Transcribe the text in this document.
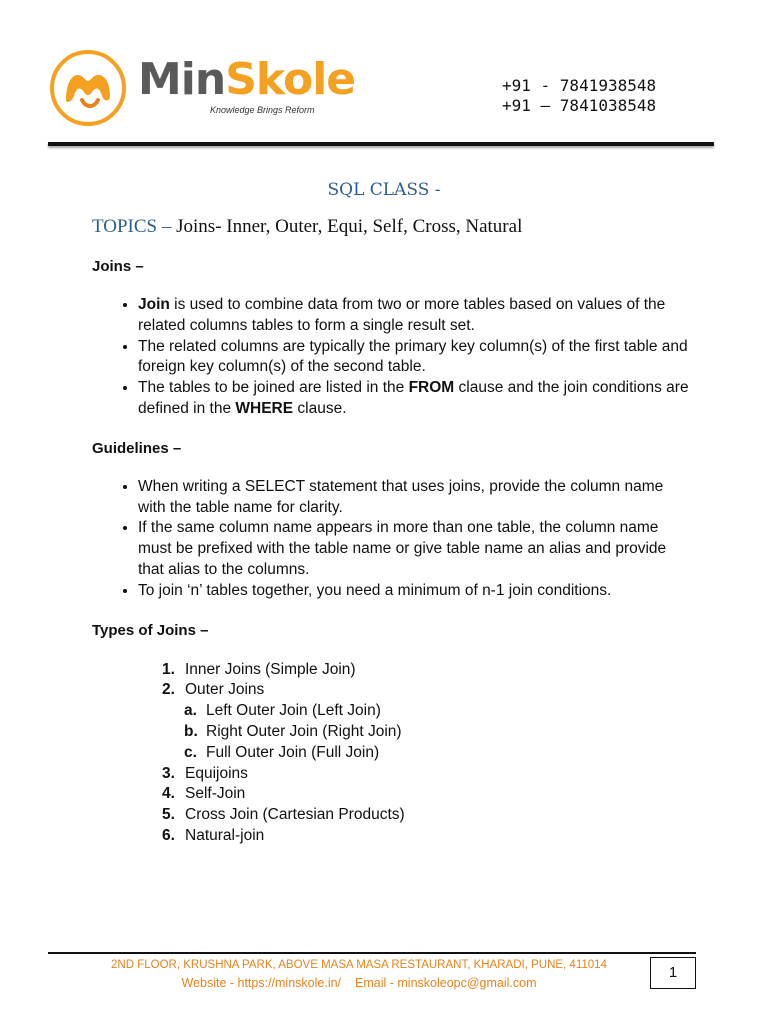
MinSkole
Knowledge Brings Reform
+91 - 7841938548
+91 – 7841038548
SQL CLASS -
TOPICS – Joins- Inner, Outer, Equi, Self, Cross, Natural
Joins –
• Join is used to combine data from two or more tables based on values of the related columns tables to form a single result set.
• The related columns are typically the primary key column(s) of the first table and foreign key column(s) of the second table.
• The tables to be joined are listed in the FROM clause and the join conditions are defined in the WHERE clause.
Guidelines –
• When writing a SELECT statement that uses joins, provide the column name with the table name for clarity.
• If the same column name appears in more than one table, the column name must be prefixed with the table name or give table name an alias and provide that alias to the columns.
• To join ‘n’ tables together, you need a minimum of n-1 join conditions.
Types of Joins –
1. Inner Joins (Simple Join)
2. Outer Joins
a. Left Outer Join (Left Join)
b. Right Outer Join (Right Join)
c. Full Outer Join (Full Join)
3. Equijoins
4. Self-Join
5. Cross Join (Cartesian Products)
6. Natural-join
2ND FLOOR, KRUSHNA PARK, ABOVE MASA MASA RESTAURANT, KHARADI, PUNE, 411014
Website - https://minskole.in/ Email - minskoleopc@gmail.com
1
